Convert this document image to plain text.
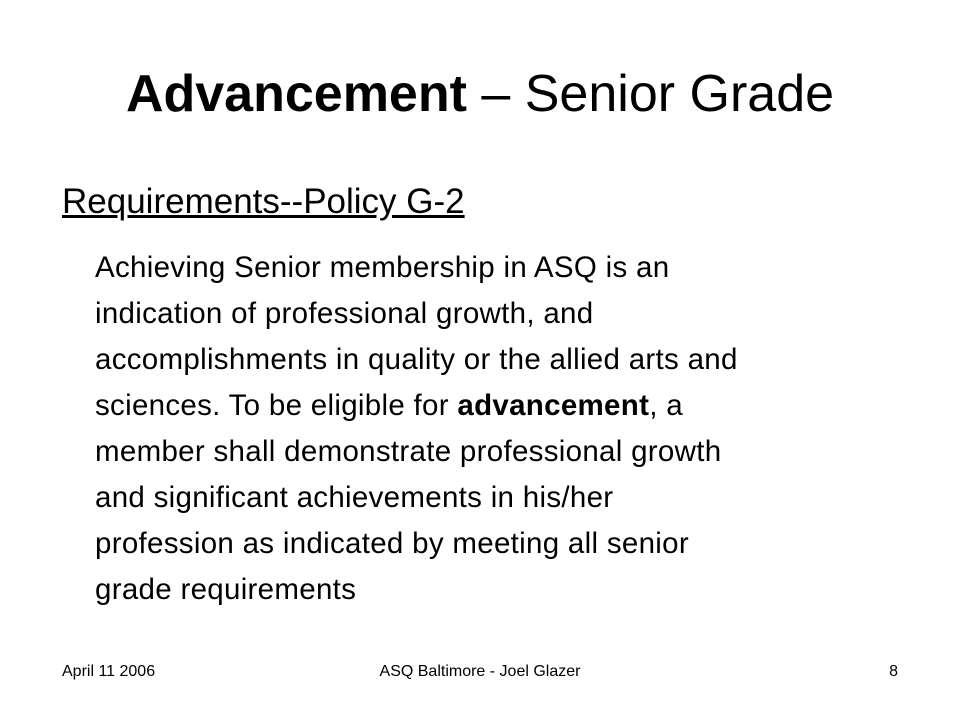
Advancement – Senior Grade
Requirements--Policy G-2
Achieving Senior membership in ASQ is an
indication of professional growth, and
accomplishments in quality or the allied arts and
sciences. To be eligible for advancement, a
member shall demonstrate professional growth
and significant achievements in his/her
profession as indicated by meeting all senior
grade requirements
April 11 2006	ASQ Baltimore - Joel Glazer	8
